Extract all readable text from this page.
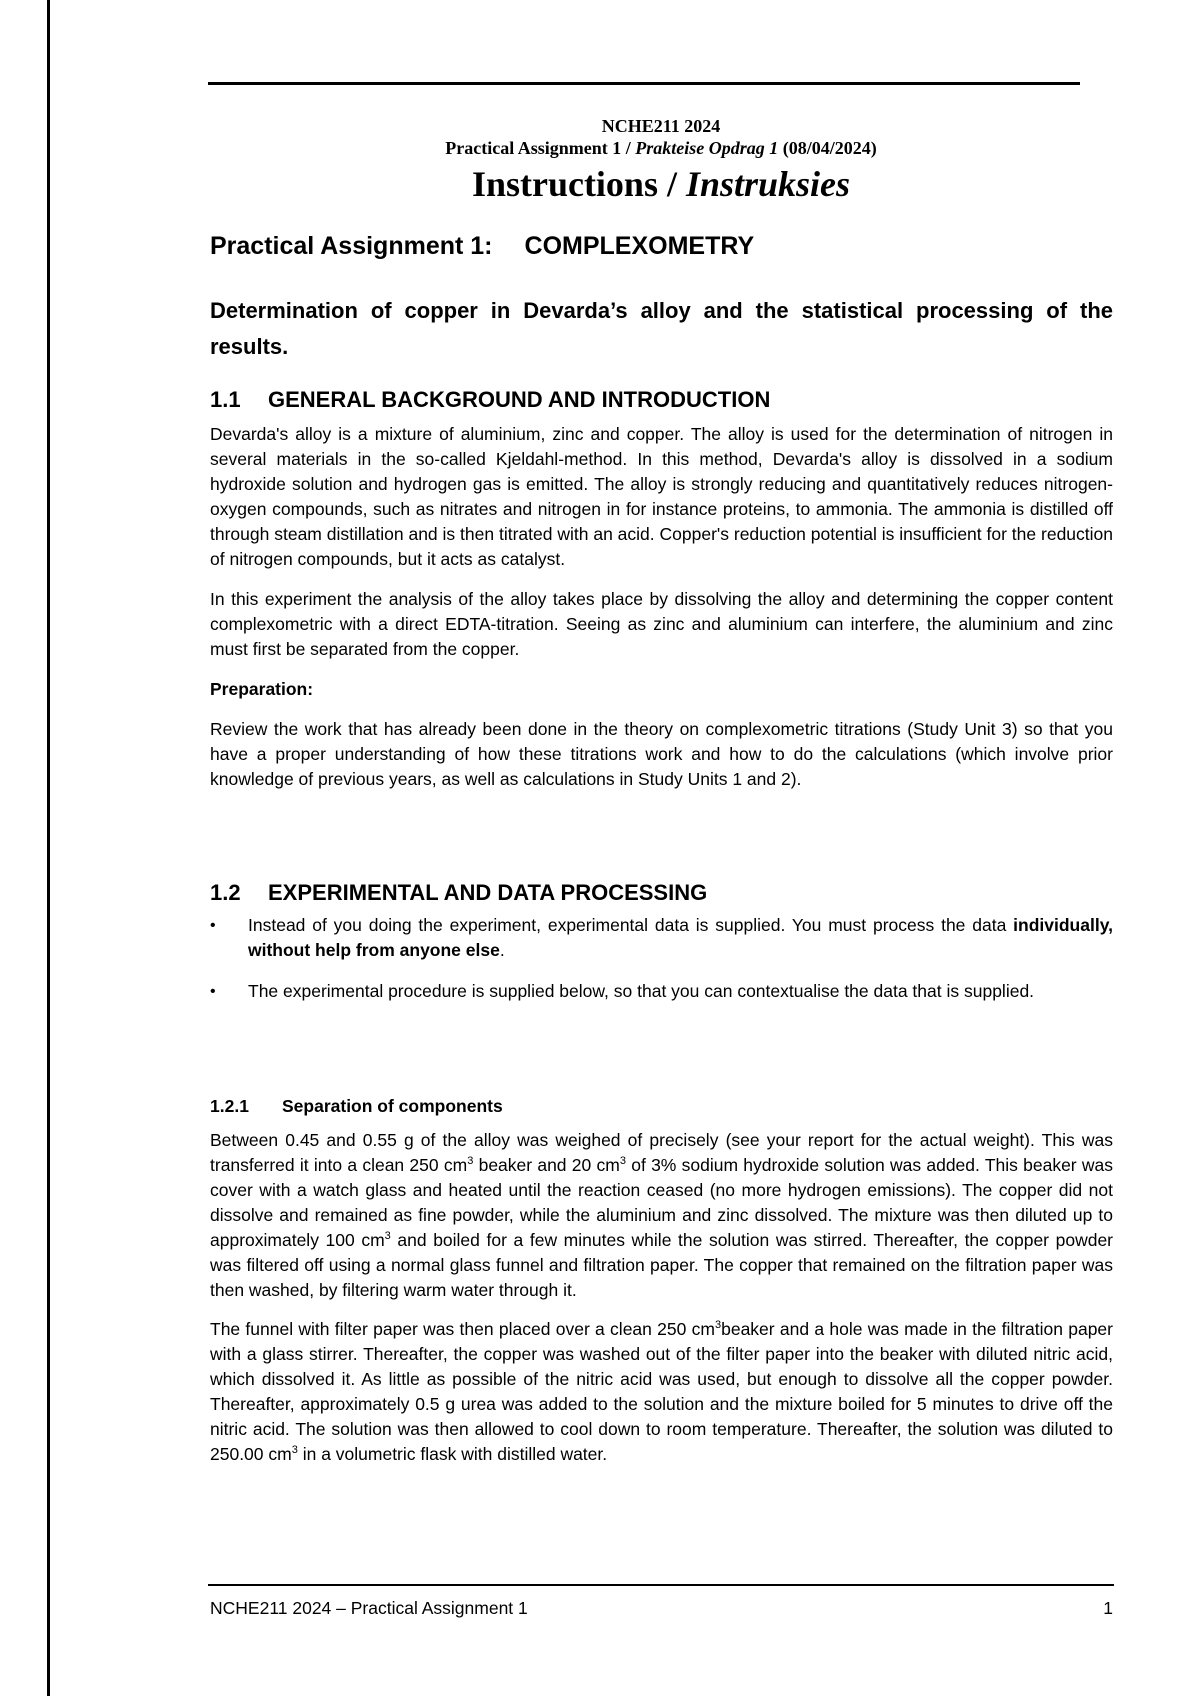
NCHE211 2024
Practical Assignment 1 / Prakteise Opdrag 1 (08/04/2024)
Instructions / Instruksies
Practical Assignment 1: COMPLEXOMETRY

Determination of copper in Devarda’s alloy and the statistical processing of the results.

1.1 GENERAL BACKGROUND AND INTRODUCTION

Devarda's alloy is a mixture of aluminium, zinc and copper. The alloy is used for the determination of nitrogen in several materials in the so-called Kjeldahl-method. In this method, Devarda's alloy is dissolved in a sodium hydroxide solution and hydrogen gas is emitted. The alloy is strongly reducing and quantitatively reduces nitrogen-oxygen compounds, such as nitrates and nitrogen in for instance proteins, to ammonia. The ammonia is distilled off through steam distillation and is then titrated with an acid. Copper's reduction potential is insufficient for the reduction of nitrogen compounds, but it acts as catalyst.

In this experiment the analysis of the alloy takes place by dissolving the alloy and determining the copper content complexometric with a direct EDTA-titration. Seeing as zinc and aluminium can interfere, the aluminium and zinc must first be separated from the copper.

Preparation:

Review the work that has already been done in the theory on complexometric titrations (Study Unit 3) so that you have a proper understanding of how these titrations work and how to do the calculations (which involve prior knowledge of previous years, as well as calculations in Study Units 1 and 2).

1.2 EXPERIMENTAL AND DATA PROCESSING
• Instead of you doing the experiment, experimental data is supplied. You must process the data individually, without help from anyone else.
• The experimental procedure is supplied below, so that you can contextualise the data that is supplied.
1.2.1 Separation of components

Between 0.45 and 0.55 g of the alloy was weighed of precisely (see your report for the actual weight). This was transferred it into a clean 250 $cm^3$ beaker and 20 $cm^3$ of 3% sodium hydroxide solution was added. This beaker was cover with a watch glass and heated until the reaction ceased (no more hydrogen emissions). The copper did not dissolve and remained as fine powder, while the aluminium and zinc dissolved. The mixture was then diluted up to approximately 100 $cm^3$ and boiled for a few minutes while the solution was stirred. Thereafter, the copper powder was filtered off using a normal glass funnel and filtration paper. The copper that remained on the filtration paper was then washed, by filtering warm water through it.

The funnel with filter paper was then placed over a clean 250 $cm^3beaker$ and a hole was made in the filtration paper with a glass stirrer. Thereafter, the copper was washed out of the filter paper into the beaker with diluted nitric acid, which dissolved it. As little as possible of the nitric acid was used, but enough to dissolve all the copper powder. Thereafter, approximately 0.5 g urea was added to the solution and the mixture boiled for 5 minutes to drive off the nitric acid. The solution was then allowed to cool down to room temperature. Thereafter, the solution was diluted to 250.00 $cm^3$ in a volumetric flask with distilled water.

NCHE211 2024 – Practical Assignment 1	1
